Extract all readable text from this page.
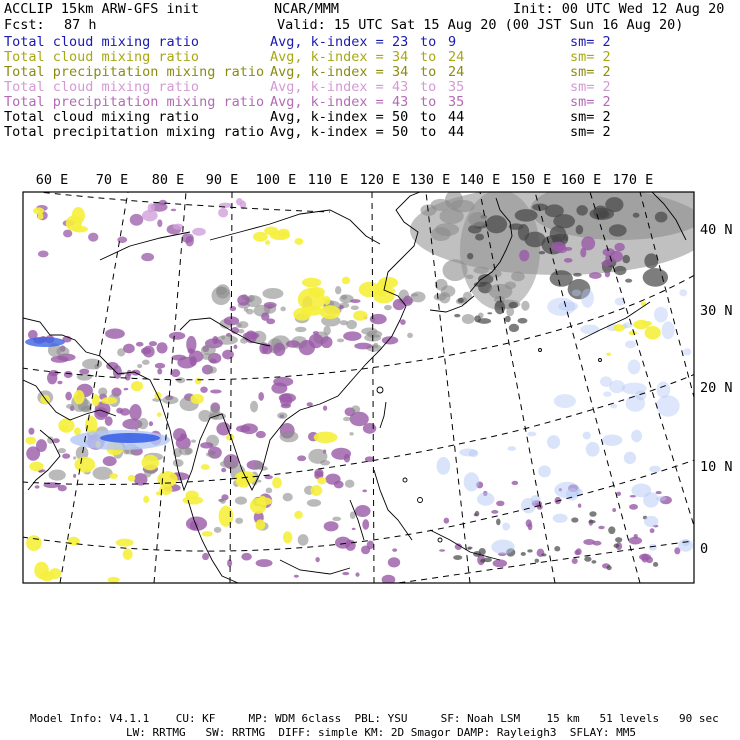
ACCLIP 15km ARW-GFS init	NCAR/MMM	Init: 00 UTC Wed 12 Aug 20
Fcst: 87 h	Valid: 15 UTC Sat 15 Aug 20 (00 JST Sun 16 Aug 20)
Total cloud mixing ratio	Avg, k-index = 23 to 9	sm= 2
Total cloud mixing ratio	Avg, k-index = 34 to 24	sm= 2
Total precipitation mixing ratio Avg, k-index = 34 to 24	sm= 2
Total cloud mixing ratio	Avg, k-index = 43 to 35	sm= 2
Total precipitation mixing ratio Avg, k-index = 43 to 35	sm= 2
Total cloud mixing ratio	Avg, k-index = 50 to 44	sm= 2
Total precipitation mixing ratio Avg, k-index = 50 to 44	sm= 2
60 E 70 E 80 E 90 E 100 E 110 E 120 E 130 E 140 E 150 E 160 E 170 E
40 N
30 N
20 N
10 N
0
Model Info: V4.1.1    CU: KF     MP: WDM 6class  PBL: YSU     SF: Noah LSM    15 km   51 levels   90 sec
LW: RRTMG   SW: RRTMG  DIFF: simple KM: 2D Smagor DAMP: Rayleigh3  SFLAY: MM5
